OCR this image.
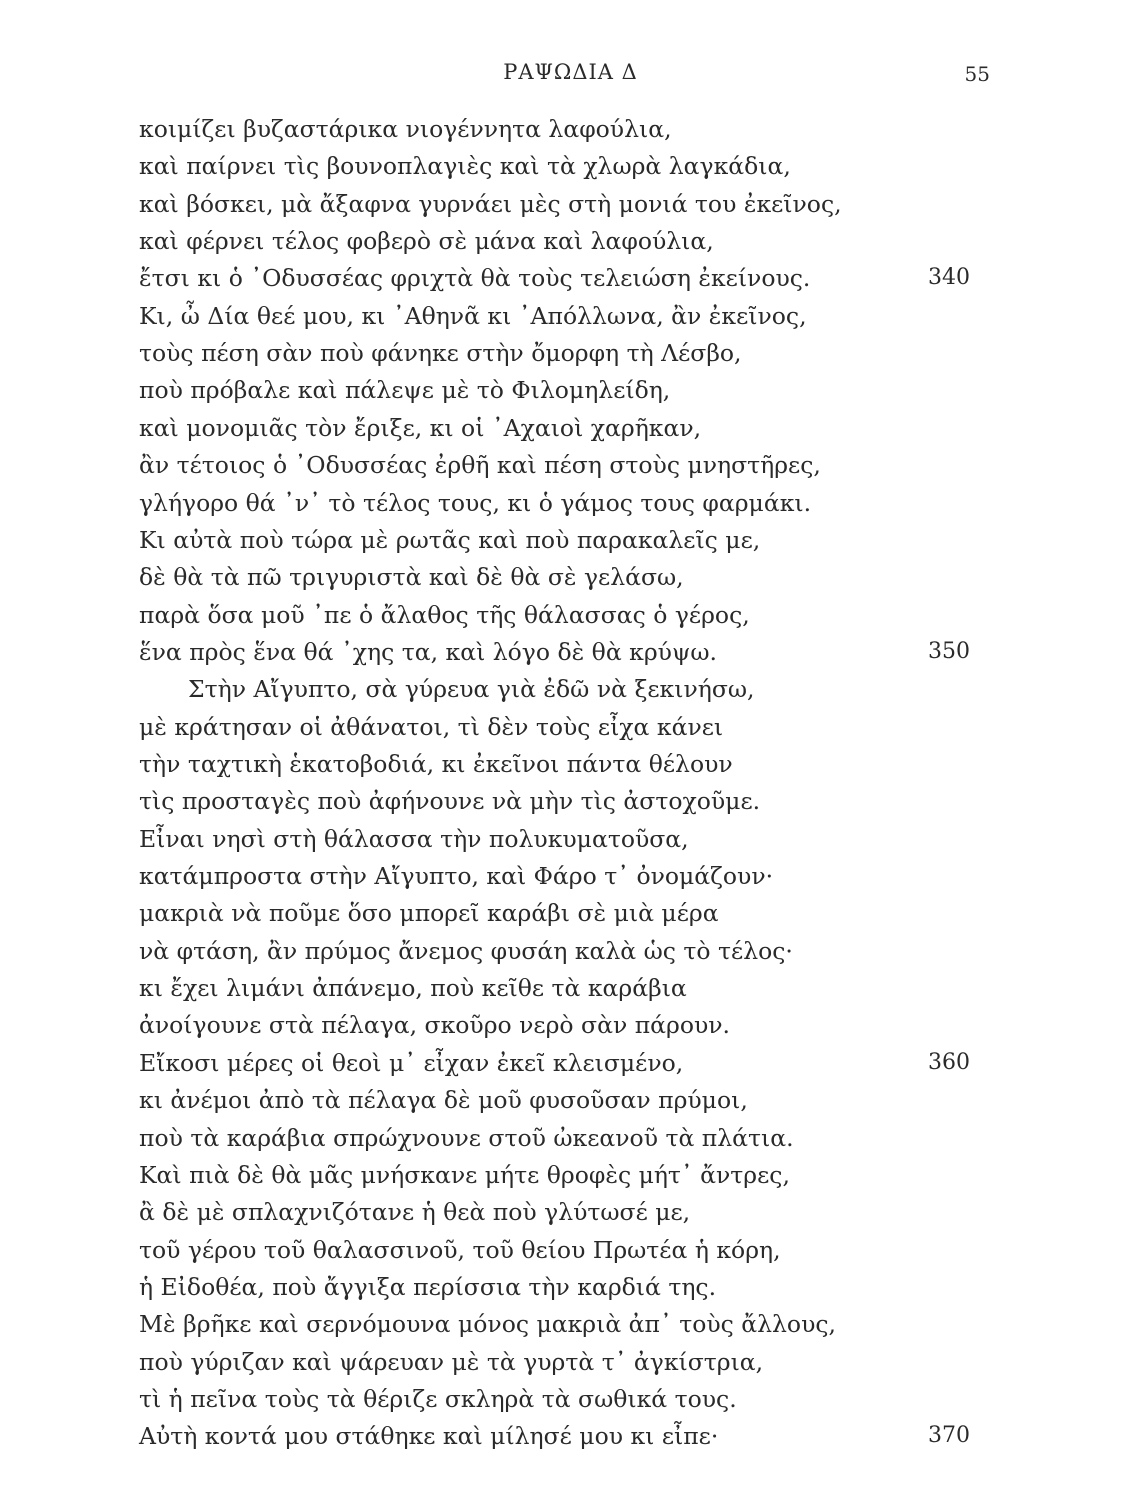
ΡΑΨΩΔΙΑ Δ	55
κοιμίζει βυζαστάρικα νιογέννητα λαφούλια,
καὶ παίρνει τὶς βουνοπλαγιὲς καὶ τὰ χλωρὰ λαγκάδια,
καὶ βόσκει, μὰ ἄξαφνα γυρνάει μὲς στὴ μονιά του ἐκεῖνος,
καὶ φέρνει τέλος φοβερὸ σὲ μάνα καὶ λαφούλια,
ἔτσι κι ὁ ᾿Οδυσσέας φριχτὰ θὰ τοὺς τελειώση ἐκείνους.	340
Κι, ὦ Δία θεέ μου, κι ᾿Αθηνᾶ κι ᾿Απόλλωνα, ἂν ἐκεῖνος,
τοὺς πέση σὰν ποὺ φάνηκε στὴν ὄμορφη τὴ Λέσβο,
ποὺ πρόβαλε καὶ πάλεψε μὲ τὸ Φιλομηλείδη,
καὶ μονομιᾶς τὸν ἔριξε, κι οἱ ᾿Αχαιοὶ χαρῆκαν,
ἂν τέτοιος ὁ ᾿Οδυσσέας ἐρθῆ καὶ πέση στοὺς μνηστῆρες,
γλήγορο θά ᾿ν᾿ τὸ τέλος τους, κι ὁ γάμος τους φαρμάκι.
Κι αὐτὰ ποὺ τώρα μὲ ρωτᾶς καὶ ποὺ παρακαλεῖς με,
δὲ θὰ τὰ πῶ τριγυριστὰ καὶ δὲ θὰ σὲ γελάσω,
παρὰ ὅσα μοῦ ᾿πε ὁ ἄλαθος τῆς θάλασσας ὁ γέρος,
ἕνα πρὸς ἕνα θά ᾿χης τα, καὶ λόγο δὲ θὰ κρύψω.	350
Στὴν Αἴγυπτο, σὰ γύρευα γιὰ ἐδῶ νὰ ξεκινήσω,
μὲ κράτησαν οἱ ἀθάνατοι, τὶ δὲν τοὺς εἶχα κάνει
τὴν ταχτικὴ ἑκατοβοδιά, κι ἐκεῖνοι πάντα θέλουν
τὶς προσταγὲς ποὺ ἀφήνουνε νὰ μὴν τὶς ἀστοχοῦμε.
Εἶναι νησὶ στὴ θάλασσα τὴν πολυκυματοῦσα,
κατάμπροστα στὴν Αἴγυπτο, καὶ Φάρο τ᾿ ὀνομάζουν·
μακριὰ νὰ ποῦμε ὅσο μπορεῖ καράβι σὲ μιὰ μέρα
νὰ φτάση, ἂν πρύμος ἄνεμος φυσάη καλὰ ὡς τὸ τέλος·
κι ἔχει λιμάνι ἀπάνεμο, ποὺ κεῖθε τὰ καράβια
ἀνοίγουνε στὰ πέλαγα, σκοῦρο νερὸ σὰν πάρουν.
Εἴκοσι μέρες οἱ θεοὶ μ᾿ εἶχαν ἐκεῖ κλεισμένο,	360
κι ἀνέμοι ἀπὸ τὰ πέλαγα δὲ μοῦ φυσοῦσαν πρύμοι,
ποὺ τὰ καράβια σπρώχνουνε στοῦ ὠκεανοῦ τὰ πλάτια.
Καὶ πιὰ δὲ θὰ μᾶς μνήσκανε μήτε θροφὲς μήτ᾿ ἄντρες,
ἂ δὲ μὲ σπλαχνιζότανε ἡ θεὰ ποὺ γλύτωσέ με,
τοῦ γέρου τοῦ θαλασσινοῦ, τοῦ θείου Πρωτέα ἡ κόρη,
ἡ Εἰδοθέα, ποὺ ἄγγιξα περίσσια τὴν καρδιά της.
Μὲ βρῆκε καὶ σερνόμουνα μόνος μακριὰ ἀπ᾿ τοὺς ἄλλους,
ποὺ γύριζαν καὶ ψάρευαν μὲ τὰ γυρτὰ τ᾿ ἀγκίστρια,
τὶ ἡ πεῖνα τοὺς τὰ θέριζε σκληρὰ τὰ σωθικά τους.
Αὐτὴ κοντά μου στάθηκε καὶ μίλησέ μου κι εἶπε·	370
